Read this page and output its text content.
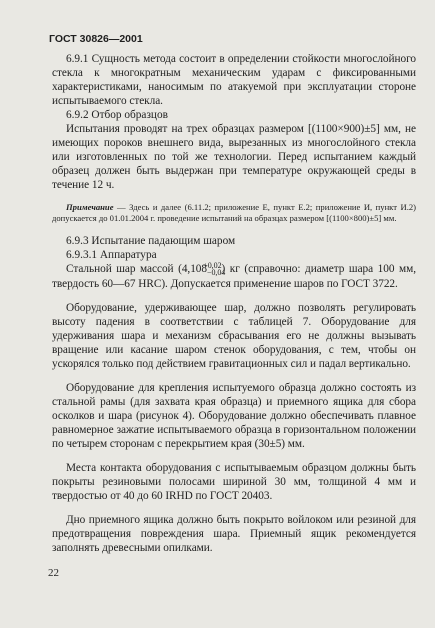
ГОСТ 30826—2001

6.9.1 Сущность метода состоит в определении стойкости многослойного стекла к многократным механическим ударам с фиксированными характеристиками, наносимым по атакуемой при эксплуатации стороне испытываемого стекла.

6.9.2 Отбор образцов

Испытания проводят на трех образцах размером [(1100×900)±5] мм, не имеющих пороков внешнего вида, вырезанных из многослойного стекла или изготовленных по той же технологии. Перед испытанием каждый образец должен быть выдержан при температуре окружающей среды в течение 12 ч.

Примечание — Здесь и далее (6.11.2; приложение Е, пункт Е.2; приложение И, пункт И.2) допускается до 01.01.2004 г. проведение испытаний на образцах размером [(1100×800)±5] мм.

6.9.3 Испытание падающим шаром

6.9.3.1 Аппаратура

Стальной шар массой $(4,108_{-0,04}^{+0,02})$ кг (справочно: диаметр шара 100 мм, твердость 60—67 HRC). Допускается применение шаров по ГОСТ 3722.

Оборудование, удерживающее шар, должно позволять регулировать высоту падения в соответствии с таблицей 7. Оборудование для удерживания шара и механизм сбрасывания его не должны вызывать вращение или касание шаром стенок оборудования, с тем, чтобы он ускорялся только под действием гравитационных сил и падал вертикально.

Оборудование для крепления испытуемого образца должно состоять из стальной рамы (для захвата края образца) и приемного ящика для сбора осколков и шара (рисунок 4). Оборудование должно обеспечивать плавное равномерное зажатие испытываемого образца в горизонтальном положении по четырем сторонам с перекрытием края (30±5) мм.

Места контакта оборудования с испытываемым образцом должны быть покрыты резиновыми полосами шириной 30 мм, толщиной 4 мм и твердостью от 40 до 60 IRHD по ГОСТ 20403.

Дно приемного ящика должно быть покрыто войлоком или резиной для предотвращения повреждения шара. Приемный ящик рекомендуется заполнять древесными опилками.

22
